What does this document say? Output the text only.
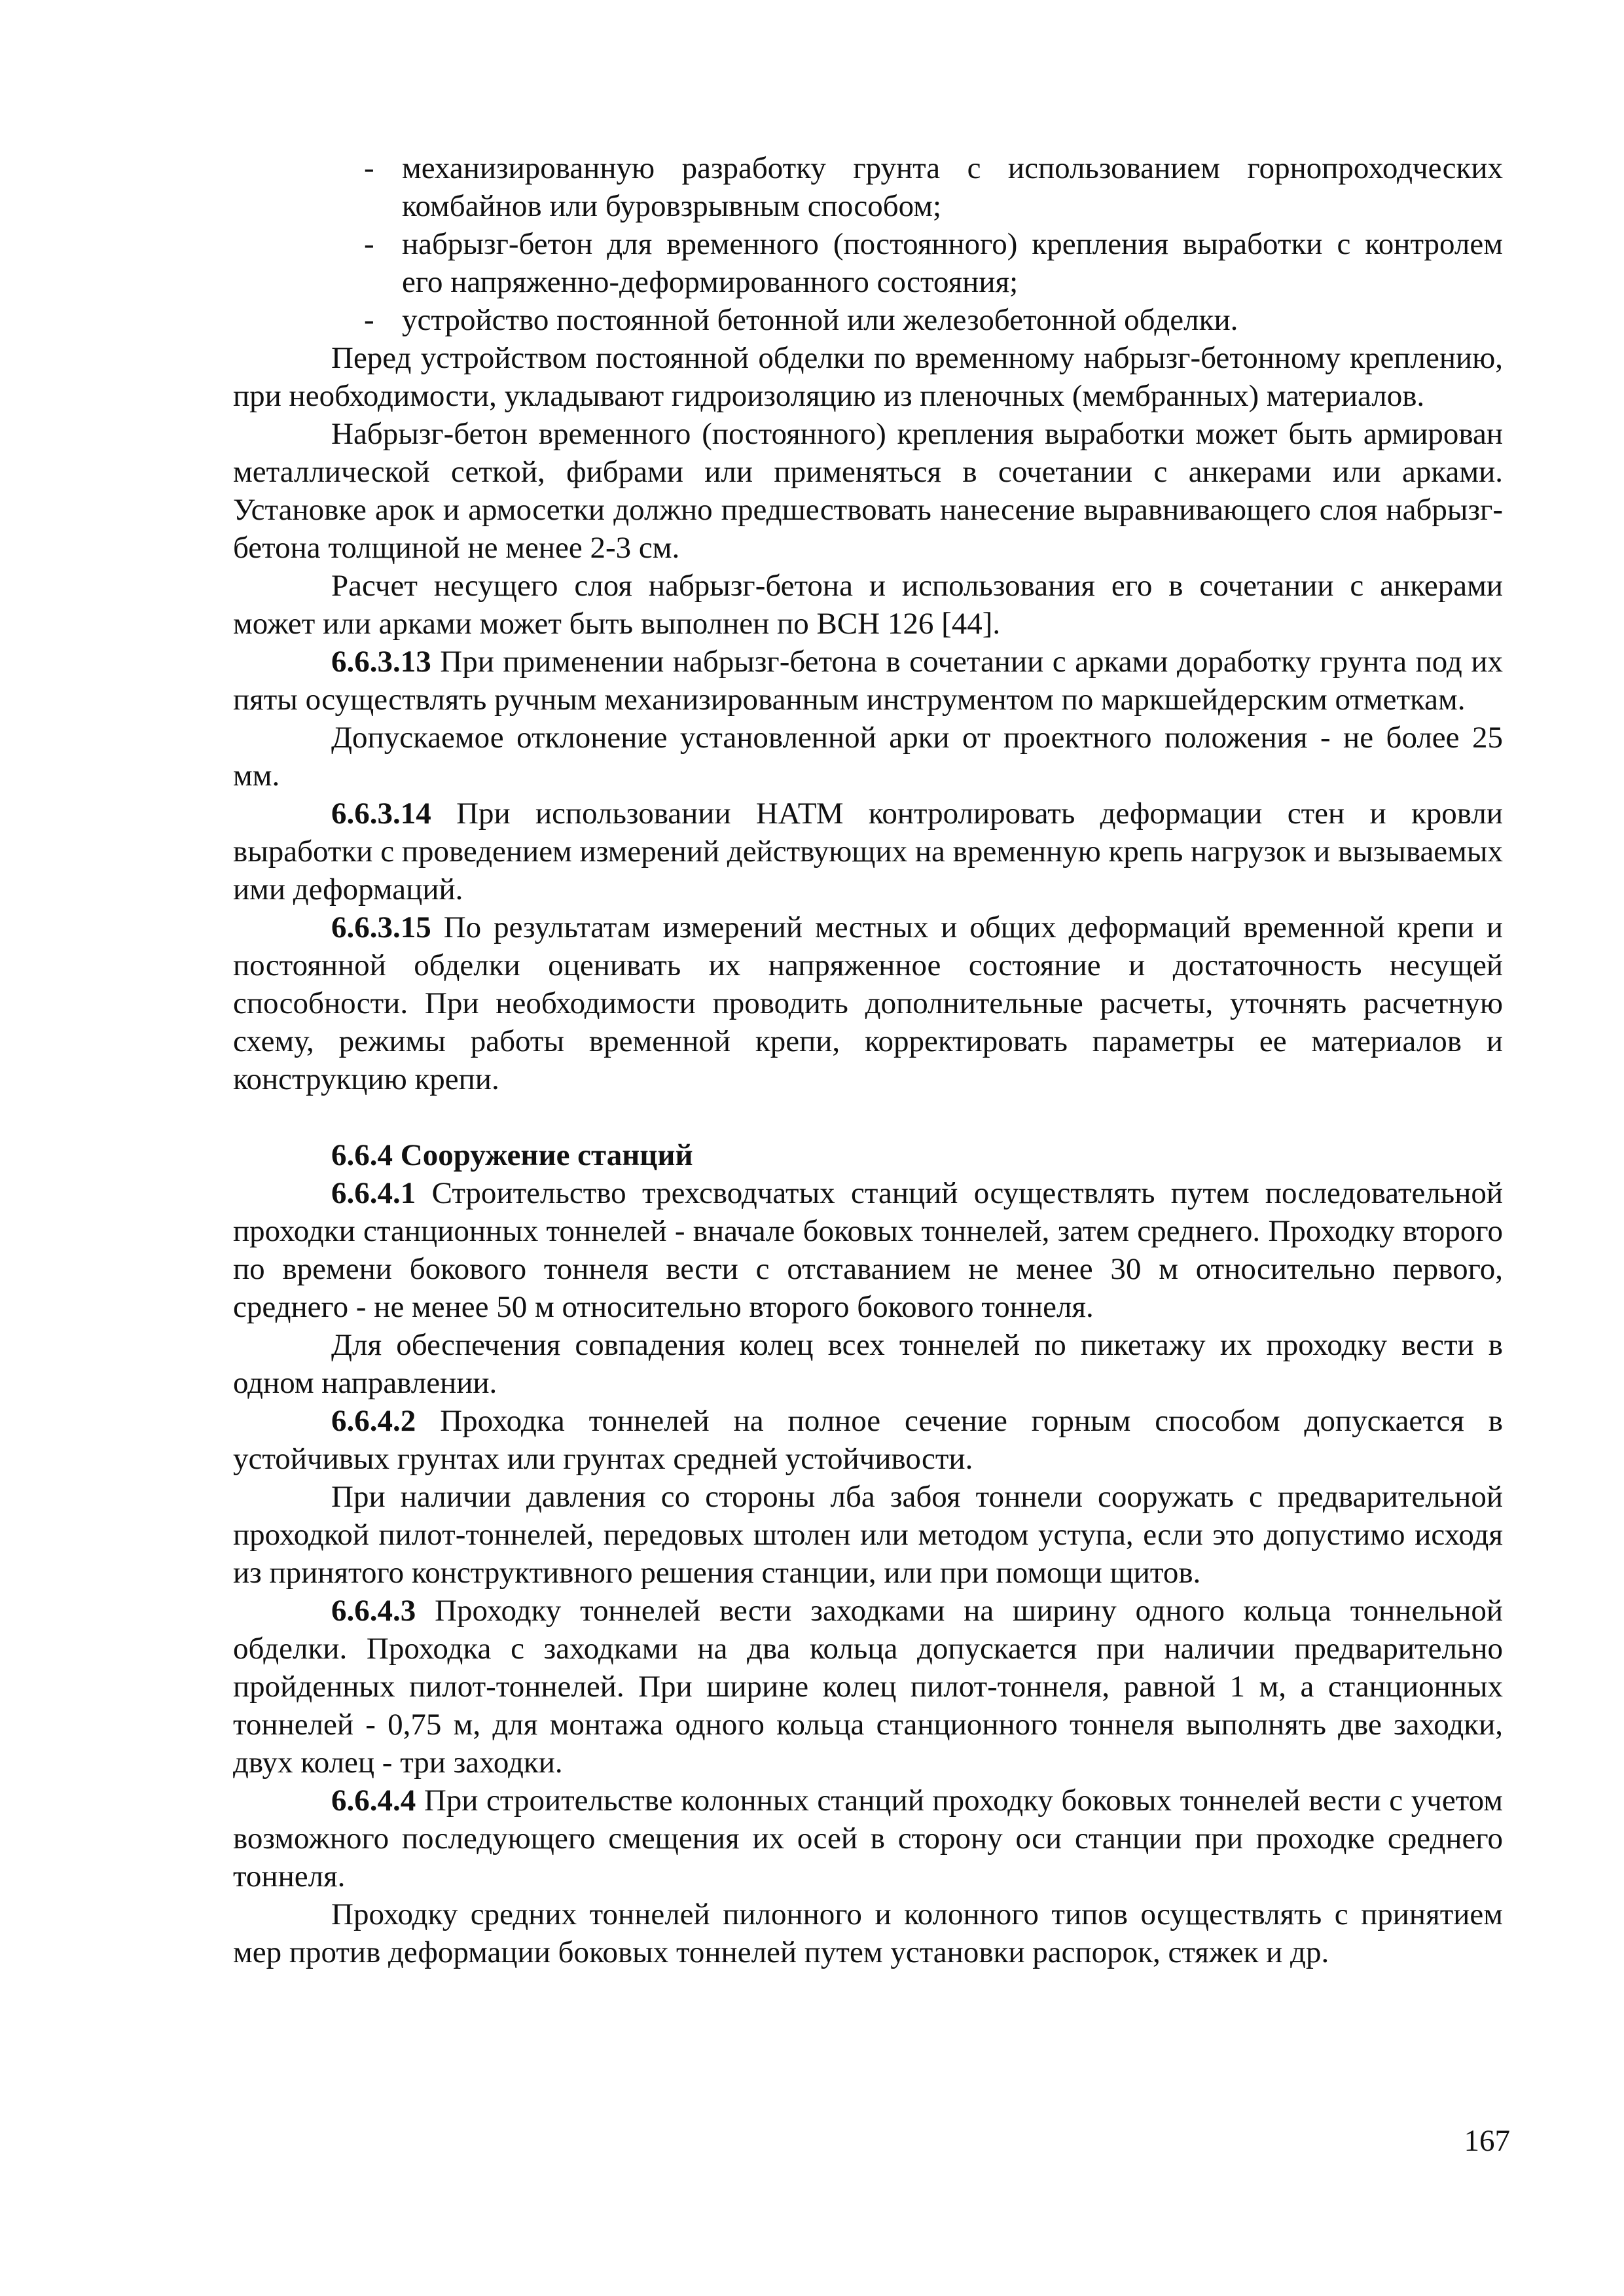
- механизированную разработку грунта с использованием горнопроходческих комбайнов или буровзрывным способом;
- набрызг-бетон для временного (постоянного) крепления выработки с контролем его напряженно-деформированного состояния;
- устройство постоянной бетонной или железобетонной обделки.

Перед устройством постоянной обделки по временному набрызг-бетонному креплению, при необходимости, укладывают гидроизоляцию из пленочных (мембранных) материалов.

Набрызг-бетон временного (постоянного) крепления выработки может быть армирован металлической сеткой, фибрами или применяться в сочетании с анкерами или арками. Установке арок и армосетки должно предшествовать нанесение выравнивающего слоя набрызг-бетона толщиной не менее 2-3 см.

Расчет несущего слоя набрызг-бетона и использования его в сочетании с анкерами может или арками может быть выполнен по ВСН 126 [44].

6.6.3.13 При применении набрызг-бетона в сочетании с арками доработку грунта под их пяты осуществлять ручным механизированным инструментом по маркшейдерским отметкам.

Допускаемое отклонение установленной арки от проектного положения - не более 25 мм.

6.6.3.14 При использовании НАТМ контролировать деформации стен и кровли выработки с проведением измерений действующих на временную крепь нагрузок и вызываемых ими деформаций.

6.6.3.15 По результатам измерений местных и общих деформаций временной крепи и постоянной обделки оценивать их напряженное состояние и достаточность несущей способности. При необходимости проводить дополнительные расчеты, уточнять расчетную схему, режимы работы временной крепи, корректировать параметры ее материалов и конструкцию крепи.

6.6.4 Сооружение станций

6.6.4.1 Строительство трехсводчатых станций осуществлять путем последовательной проходки станционных тоннелей - вначале боковых тоннелей, затем среднего. Проходку второго по времени бокового тоннеля вести с отставанием не менее 30 м относительно первого, среднего - не менее 50 м относительно второго бокового тоннеля.

Для обеспечения совпадения колец всех тоннелей по пикетажу их проходку вести в одном направлении.

6.6.4.2 Проходка тоннелей на полное сечение горным способом допускается в устойчивых грунтах или грунтах средней устойчивости.

При наличии давления со стороны лба забоя тоннели сооружать с предварительной проходкой пилот-тоннелей, передовых штолен или методом уступа, если это допустимо исходя из принятого конструктивного решения станции, или при помощи щитов.

6.6.4.3 Проходку тоннелей вести заходками на ширину одного кольца тоннельной обделки. Проходка с заходками на два кольца допускается при наличии предварительно пройденных пилот-тоннелей. При ширине колец пилот-тоннеля, равной 1 м, а станционных тоннелей - 0,75 м, для монтажа одного кольца станционного тоннеля выполнять две заходки, двух колец - три заходки.

6.6.4.4 При строительстве колонных станций проходку боковых тоннелей вести с учетом возможного последующего смещения их осей в сторону оси станции при проходке среднего тоннеля.

Проходку средних тоннелей пилонного и колонного типов осуществлять с принятием мер против деформации боковых тоннелей путем установки распорок, стяжек и др.

167
